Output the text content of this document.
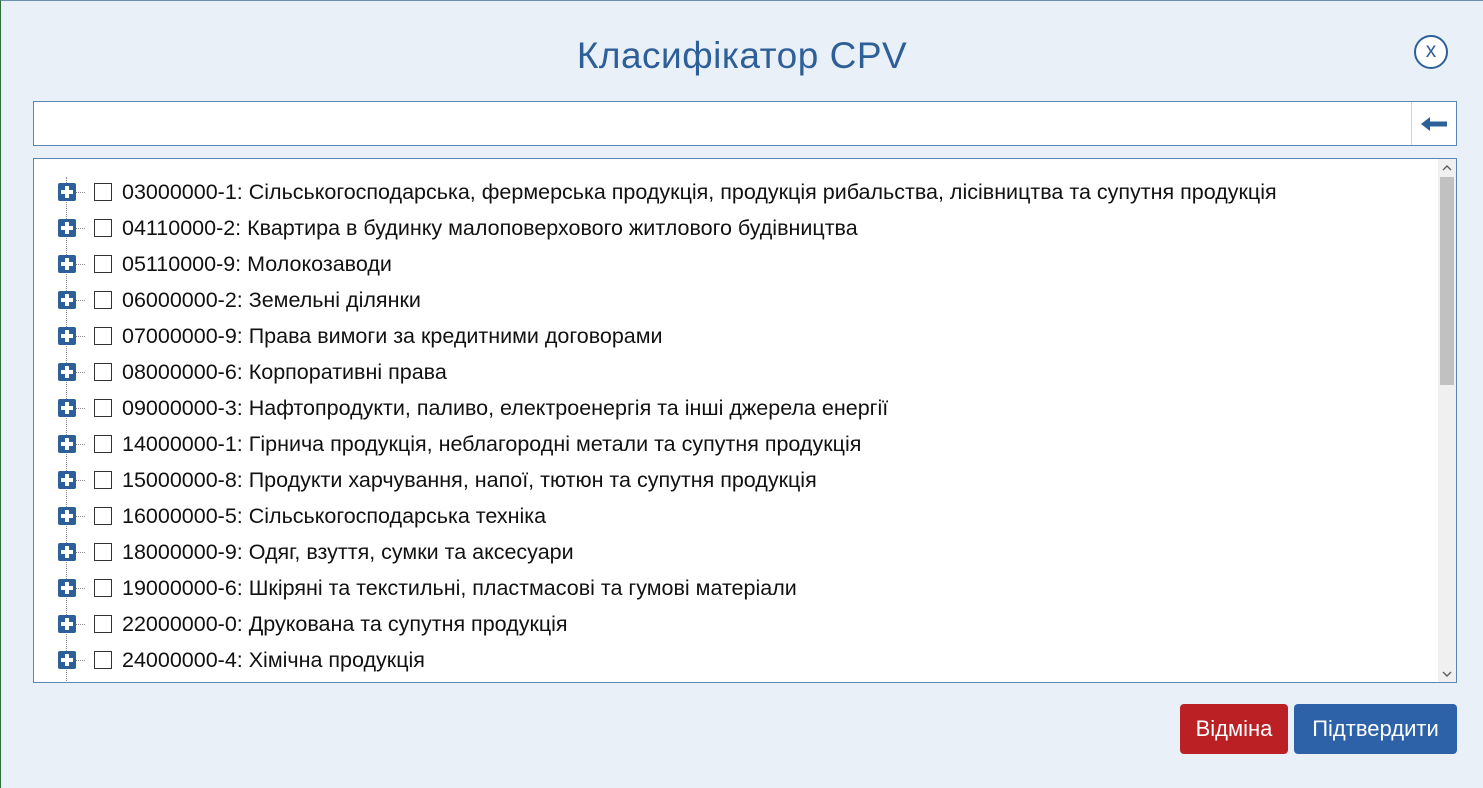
Класифікатор CPV	x
03000000-1: Сільськогосподарська, фермерська продукція, продукція рибальства, лісівництва та супутня продукція
04110000-2: Квартира в будинку малоповерхового житлового будівництва
05110000-9: Молокозаводи
06000000-2: Земельні ділянки
07000000-9: Права вимоги за кредитними договорами
08000000-6: Корпоративні права
09000000-3: Нафтопродукти, паливо, електроенергія та інші джерела енергії
14000000-1: Гірнича продукція, неблагородні метали та супутня продукція
15000000-8: Продукти харчування, напої, тютюн та супутня продукція
16000000-5: Сільськогосподарська техніка
18000000-9: Одяг, взуття, сумки та аксесуари
19000000-6: Шкіряні та текстильні, пластмасові та гумові матеріали
22000000-0: Друкована та супутня продукція
24000000-4: Хімічна продукція
Відміна	Підтвердити
